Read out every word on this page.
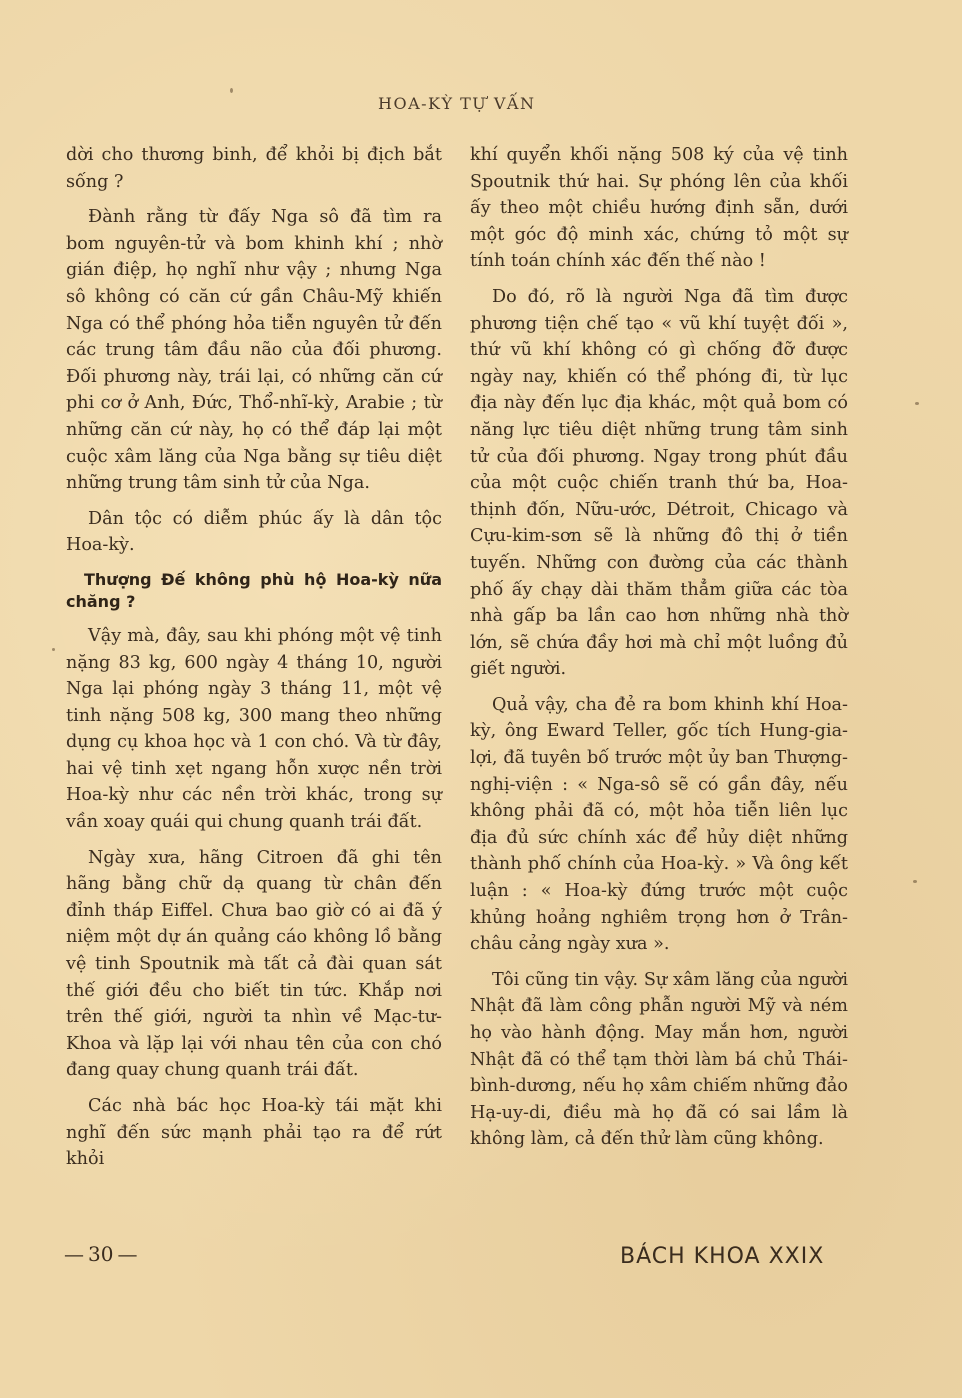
HOA-KỲ TỰ VẤN

dời cho thương binh, để khỏi bị địch bắt sống ?

Đành rằng từ đấy Nga sô đã tìm ra bom nguyên-tử và bom khinh khí ; nhờ gián điệp, họ nghĩ như vậy ; nhưng Nga sô không có căn cứ gần Châu-Mỹ khiến Nga có thể phóng hỏa tiễn nguyên tử đến các trung tâm đầu não của đối phương. Đối phương này, trái lại, có những căn cứ phi cơ ở Anh, Đức, Thổ-nhĩ-kỳ, Arabie ; từ những căn cứ này, họ có thể đáp lại một cuộc xâm lăng của Nga bằng sự tiêu diệt những trung tâm sinh tử của Nga.

Dân tộc có diễm phúc ấy là dân tộc Hoa-kỳ.

Thượng Đế không phù hộ Hoa-kỳ nữa chăng ?

Vậy mà, đây, sau khi phóng một vệ tinh nặng 83 kg, 600 ngày 4 tháng 10, người Nga lại phóng ngày 3 tháng 11, một vệ tinh nặng 508 kg, 300 mang theo những dụng cụ khoa học và 1 con chó. Và từ đây, hai vệ tinh xẹt ngang hỗn xược nền trời Hoa-kỳ như các nền trời khác, trong sự vần xoay quái qui chung quanh trái đất.

Ngày xưa, hãng Citroen đã ghi tên hãng bằng chữ dạ quang từ chân đến đỉnh tháp Eiffel. Chưa bao giờ có ai đã ý niệm một dự án quảng cáo không lồ bằng vệ tinh Spoutnik mà tất cả đài quan sát thế giới đều cho biết tin tức. Khắp nơi trên thế giới, người ta nhìn về Mạc-tư-Khoa và lặp lại với nhau tên của con chó đang quay chung quanh trái đất.

Các nhà bác học Hoa-kỳ tái mặt khi nghĩ đến sức mạnh phải tạo ra để rứt khỏi

khí quyển khối nặng 508 ký của vệ tinh Spoutnik thứ hai. Sự phóng lên của khối ấy theo một chiều hướng định sẵn, dưới một góc độ minh xác, chứng tỏ một sự tính toán chính xác đến thế nào !

Do đó, rõ là người Nga đã tìm được phương tiện chế tạo « vũ khí tuyệt đối », thứ vũ khí không có gì chống đỡ được ngày nay, khiến có thể phóng đi, từ lục địa này đến lục địa khác, một quả bom có năng lực tiêu diệt những trung tâm sinh tử của đối phương. Ngay trong phút đầu của một cuộc chiến tranh thứ ba, Hoa-thịnh đốn, Nữu-ước, Détroit, Chicago và Cựu-kim-sơn sẽ là những đô thị ở tiền tuyến. Những con đường của các thành phố ấy chạy dài thăm thẳm giữa các tòa nhà gấp ba lần cao hơn những nhà thờ lớn, sẽ chứa đầy hơi mà chỉ một luồng đủ giết người.

Quả vậy, cha đẻ ra bom khinh khí Hoa-kỳ, ông Eward Teller, gốc tích Hung-gia-lợi, đã tuyên bố trước một ủy ban Thượng-nghị-viện : « Nga-sô sẽ có gần đây, nếu không phải đã có, một hỏa tiễn liên lục địa đủ sức chính xác để hủy diệt những thành phố chính của Hoa-kỳ. » Và ông kết luận : « Hoa-kỳ đứng trước một cuộc khủng hoảng nghiêm trọng hơn ở Trân-châu cảng ngày xưa ».

Tôi cũng tin vậy. Sự xâm lăng của người Nhật đã làm công phẫn người Mỹ và ném họ vào hành động. May mắn hơn, người Nhật đã có thể tạm thời làm bá chủ Thái-bình-dương, nếu họ xâm chiếm những đảo Hạ-uy-di, điều mà họ đã có sai lầm là không làm, cả đến thử làm cũng không.

— 30 —	BÁCH KHOA XXIX
